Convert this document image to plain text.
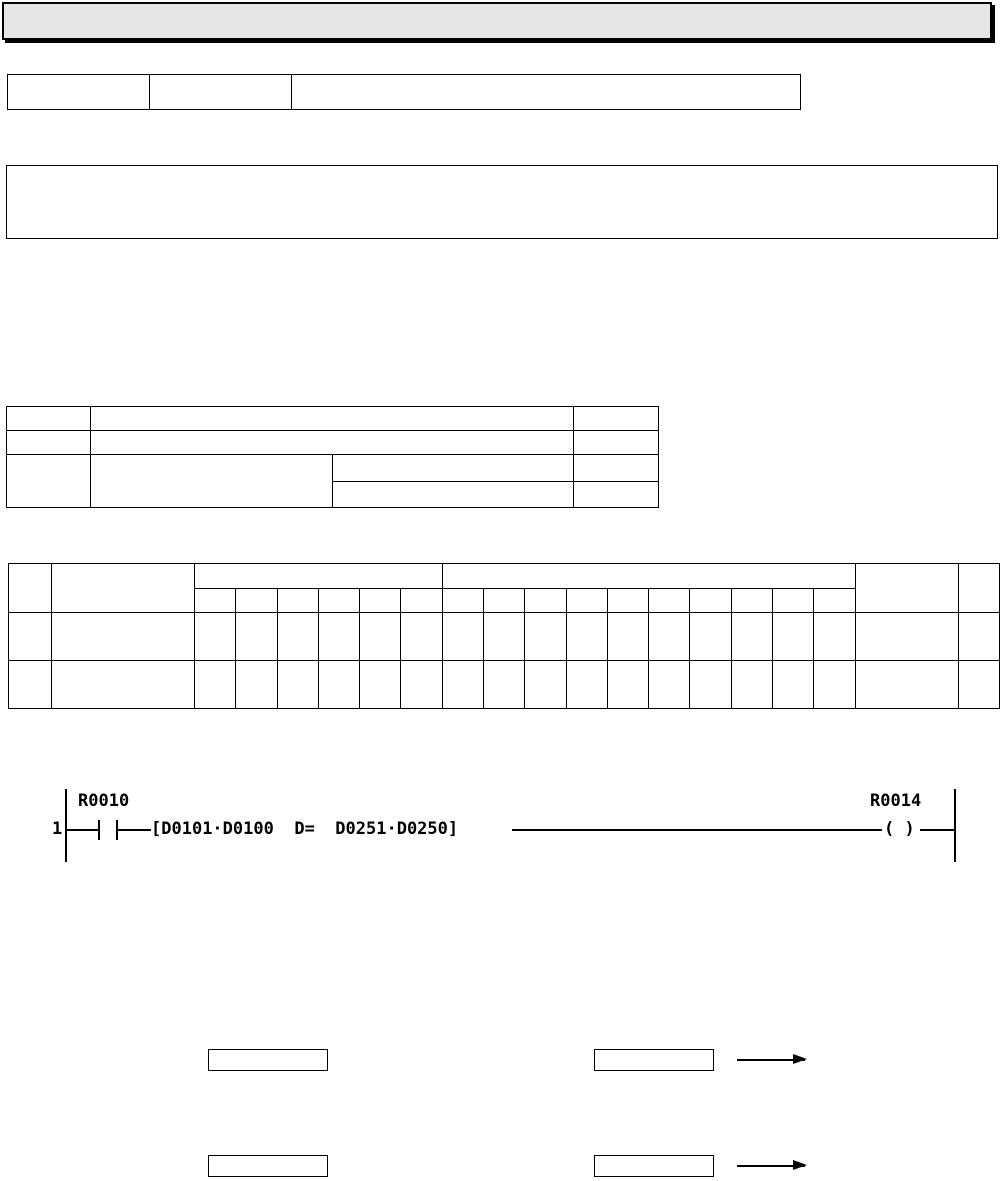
1
R0010
[D0101·D0100 D= D0251·D0250]
R0014
( )
